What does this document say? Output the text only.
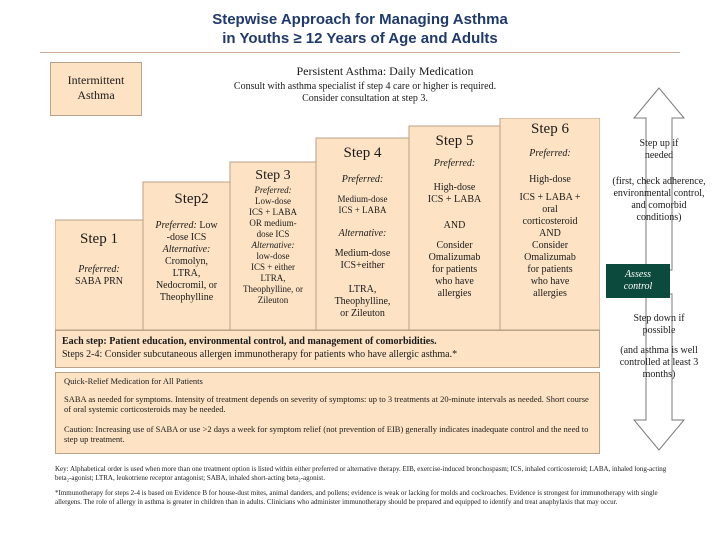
Stepwise Approach for Managing Asthma
in Youths ≥ 12 Years of Age and Adults
Intermittent
Asthma
Persistent Asthma: Daily Medication
Consult with asthma specialist if step 4 care or higher is required.
Consider consultation at step 3.
Step 1
Preferred:
SABA PRN
Step2
Preferred: Low
-dose ICS
Alternative:
Cromolyn,
LTRA,
Nedocromil, or
Theophylline
Step 3
Preferred:
Low-dose
ICS + LABA
OR medium-
dose ICS
Alternative:
low-dose
ICS + either
LTRA,
Theophylline, or
Zileuton
Step 4
Preferred:
Medium-dose
ICS + LABA
Alternative:
Medium-dose
ICS+either
LTRA,
Theophylline,
or Zileuton
Step 5
Preferred:
High-dose
ICS + LABA
AND
Consider
Omalizumab
for patients
who have
allergies
Step 6
Preferred:
High-dose
ICS + LABA +
oral
corticosteroid
AND
Consider
Omalizumab
for patients
who have
allergies
Each step: Patient education, environmental control, and management of comorbidities.
Steps 2-4: Consider subcutaneous allergen immunotherapy for patients who have allergic asthma.*
Quick-Relief Medication for All Patients
SABA as needed for symptoms. Intensity of treatment depends on severity of symptoms: up to 3 treatments at 20-minute intervals as needed. Short course of oral systemic corticosteroids may be needed.
Caution: Increasing use of SABA or use >2 days a week for symptom relief (not prevention of EIB) generally indicates inadequate control and the need to step up treatment.
Step up if needed
(first, check adherence, environmental control, and comorbid conditions)
Assess control
Step down if possible
(and asthma is well controlled at least 3 months)
Key: Alphabetical order is used when more than one treatment option is listed within either preferred or alternative therapy. EIB, exercise-induced bronchospasm; ICS, inhaled corticosteroid; LABA, inhaled long-acting beta₂-agonist; LTRA, leukotriene receptor antagonist; SABA, inhaled short-acting beta₂-agonist.
*Immunotherapy for steps 2-4 is based on Evidence B for house-dust mites, animal danders, and pollens; evidence is weak or lacking for molds and cockroaches. Evidence is strongest for immunotherapy with single allergens. The role of allergy in asthma is greater in children than in adults. Clinicians who administer immunotherapy should be prepared and equipped to identify and treat anaphylaxis that may occur.
